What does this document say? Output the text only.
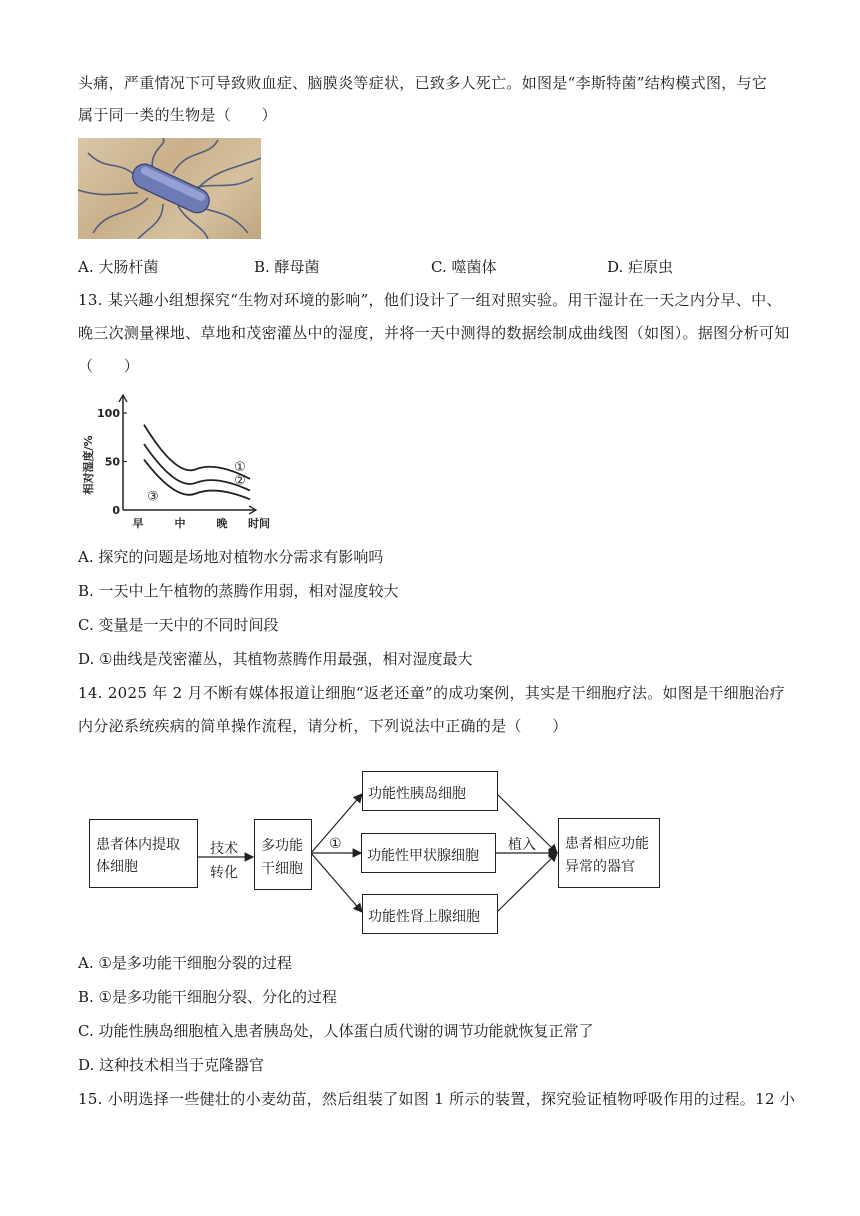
头痛，严重情况下可导致败血症、脑膜炎等症状，已致多人死亡。如图是“李斯特菌”结构模式图，与它
属于同一类的生物是（　　）
A. 大肠杆菌	B. 酵母菌	C. 噬菌体	D. 疟原虫
13. 某兴趣小组想探究“生物对环境的影响”，他们设计了一组对照实验。用干湿计在一天之内分早、中、
晚三次测量裸地、草地和茂密灌丛中的湿度，并将一天中测得的数据绘制成曲线图（如图）。据图分析可知
（　　）
相对湿度/%
时间
0
50
100
早	中	晚
①
②
③
A. 探究的问题是场地对植物水分需求有影响吗
B. 一天中上午植物的蒸腾作用弱，相对湿度较大
C. 变量是一天中的不同时间段
D. ①曲线是茂密灌丛，其植物蒸腾作用最强，相对湿度最大
14. 2025 年 2 月不断有媒体报道让细胞“返老还童”的成功案例，其实是干细胞疗法。如图是干细胞治疗
内分泌系统疾病的简单操作流程，请分析，下列说法中正确的是（　　）
患者体内提取
体细胞
技术
转化
多功能
干细胞
①
功能性胰岛细胞
功能性甲状腺细胞
功能性肾上腺细胞
植入 患者相应功能
异常的器官
A. ①是多功能干细胞分裂的过程
B. ①是多功能干细胞分裂、分化的过程
C. 功能性胰岛细胞植入患者胰岛处，人体蛋白质代谢的调节功能就恢复正常了
D. 这种技术相当于克隆器官
15. 小明选择一些健壮的小麦幼苗，然后组装了如图 1 所示的装置，探究验证植物呼吸作用的过程。12 小
